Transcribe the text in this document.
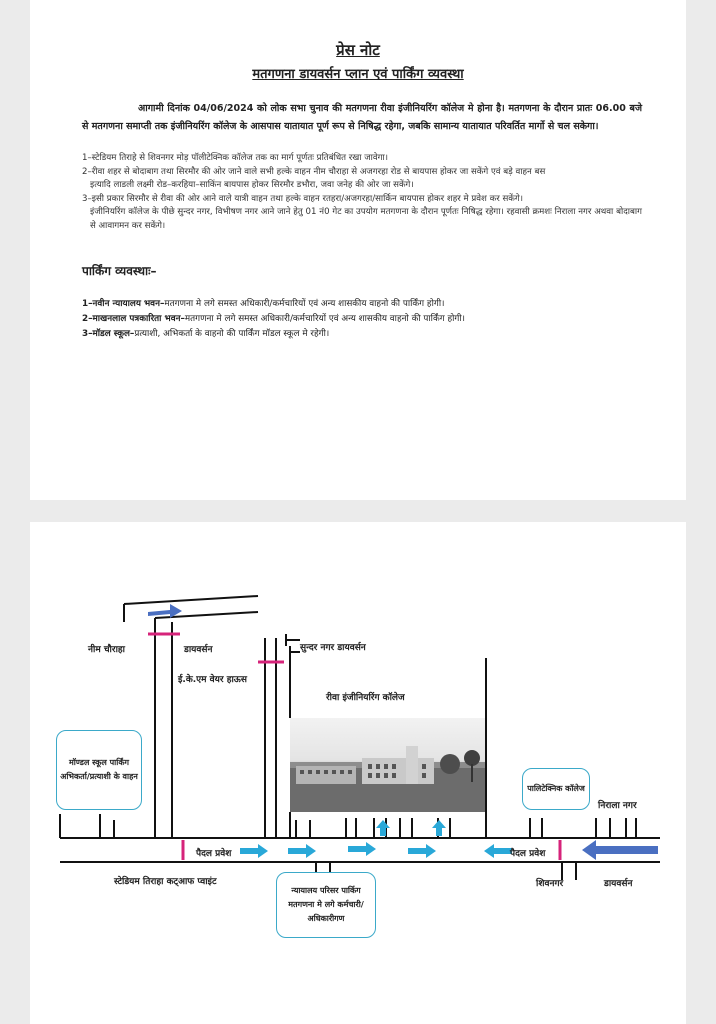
प्रेस नोट
मतगणना डायवर्सन प्लान एवं पार्किंग व्यवस्था

आगामी दिनांक 04/06/2024 को लोक सभा चुनाव की मतगणना रीवा इंजीनियरिंग कॉलेज मे होना है। मतगणना के दौरान प्रातः 06.00 बजे से मतगणना समाप्ती तक इंजीनियरिंग कॉलेज के आसपास यातायात पूर्ण रूप से निषिद्ध रहेगा, जबकि सामान्य यातायात परिवर्तित मार्गो से चल सकेगा।

1–स्टेडियम तिराहे से शिवनगर मोड़ पॉलीटेक्निक कॉलेज तक का मार्ग पूर्णतः प्रतिबंधित रखा जावेगा।
2–रीवा शहर से बोदाबाग तथा सिरमौर की ओर जाने वाले सभी हल्के वाहन नीम चौराहा से अजगरहा रोड से बायपास होकर जा सकेंगे एवं बड़े वाहन बस
इत्यादि लाडली लक्ष्मी रोड–करहिया–साकिंन बायपास होकर सिरमौर डभौरा, जवा जनेह की ओर जा सकेंगे।
3–इसी प्रकार सिरमौर से रीवा की ओर आने वाले यात्री वाहन तथा हल्के वाहन रतहरा/अजगरहा/सार्किन बायपास होकर शहर मे प्रवेश कर सकेंगे।
इंजीनियरिंग कॉलेज के पीछे सुन्दर नगर, विभीषण नगर आने जाने हेतु 01 नं0 गेट का उपयोग मतगणना के दौरान पूर्णतः निषिद्ध रहेगा। रहवासी क्रमशः निराला नगर अथवा बोदाबाग से आवागमन कर सकेंगे।
पार्किंग व्यवस्थाः–
1–नवीन न्यायालय भवन–मतगणना मे लगे समस्त अधिकारी/कर्मचारियों एवं अन्य शासकीय वाहनो की पार्किंग होगी।
2–माखनलाल पत्रकारिता भवन–मतगणना मे लगे समस्त अधिकारी/कर्मचारियों एवं अन्य शासकीय वाहनो की पार्किंग होगी।
3–मॉडल स्कूल–प्रत्याशी, अभिकर्ता के वाहनो की पार्किंग मॉडल स्कूल मे रहेगी।
नीम चौराहा	डायवर्सन	सुन्दर नगर डायवर्सन
ई.के.एम वेयर हाऊस
रीवा इंजीनियरिंग कॉलेज
निराला नगर
पैदल प्रवेश	पैदल प्रवेश
स्टेडियम तिराहा कट्आफ प्वाइंट	शिवनगर	डायवर्सन
मॉण्डल स्कूल पार्किंग अभिकर्ता/प्रत्याशी के वाहन
न्यायालय परिसर पार्किग मतगणना मे लगे कर्मचारी/अधिकारीगण
पालिटेक्निक कॉलेज
